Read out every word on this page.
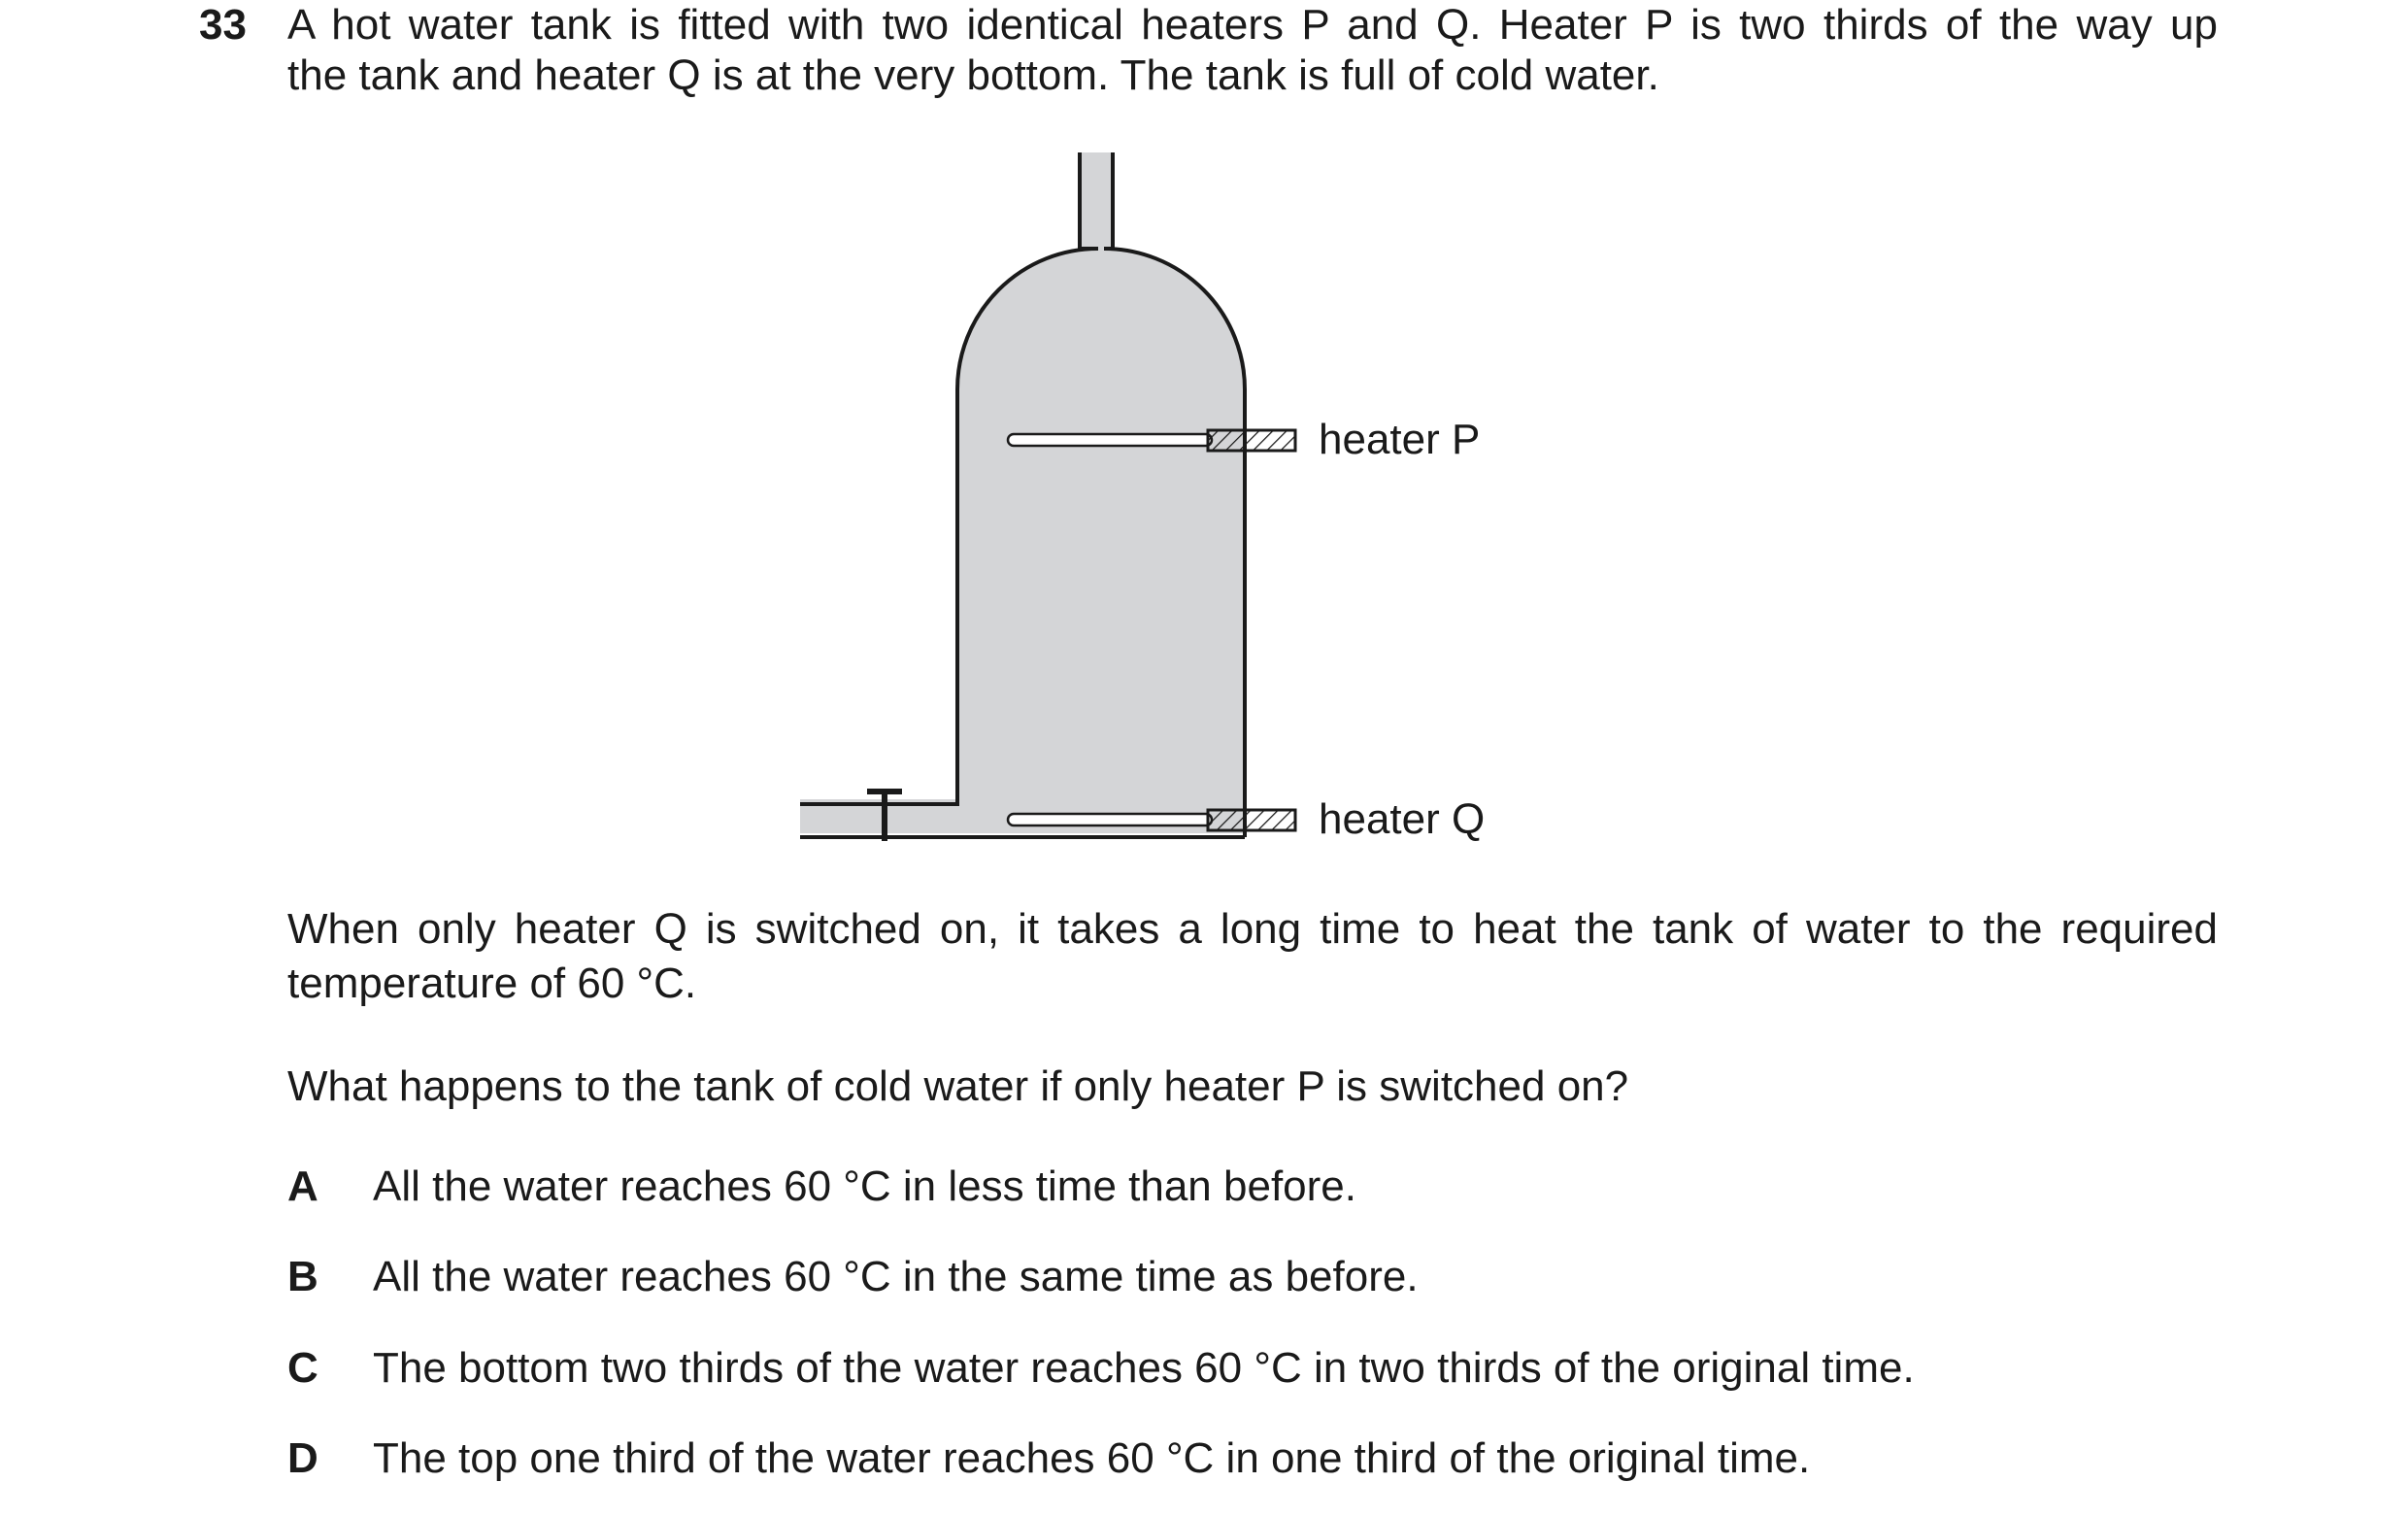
33 A hot water tank is fitted with two identical heaters P and Q. Heater P is two thirds of the way up
the tank and heater Q is at the very bottom. The tank is full of cold water.
heater P
heater Q
When only heater Q is switched on, it takes a long time to heat the tank of water to the required
temperature of 60 °C.
What happens to the tank of cold water if only heater P is switched on?
A All the water reaches 60 °C in less time than before.
B All the water reaches 60 °C in the same time as before.
C The bottom two thirds of the water reaches 60 °C in two thirds of the original time.
D The top one third of the water reaches 60 °C in one third of the original time.
